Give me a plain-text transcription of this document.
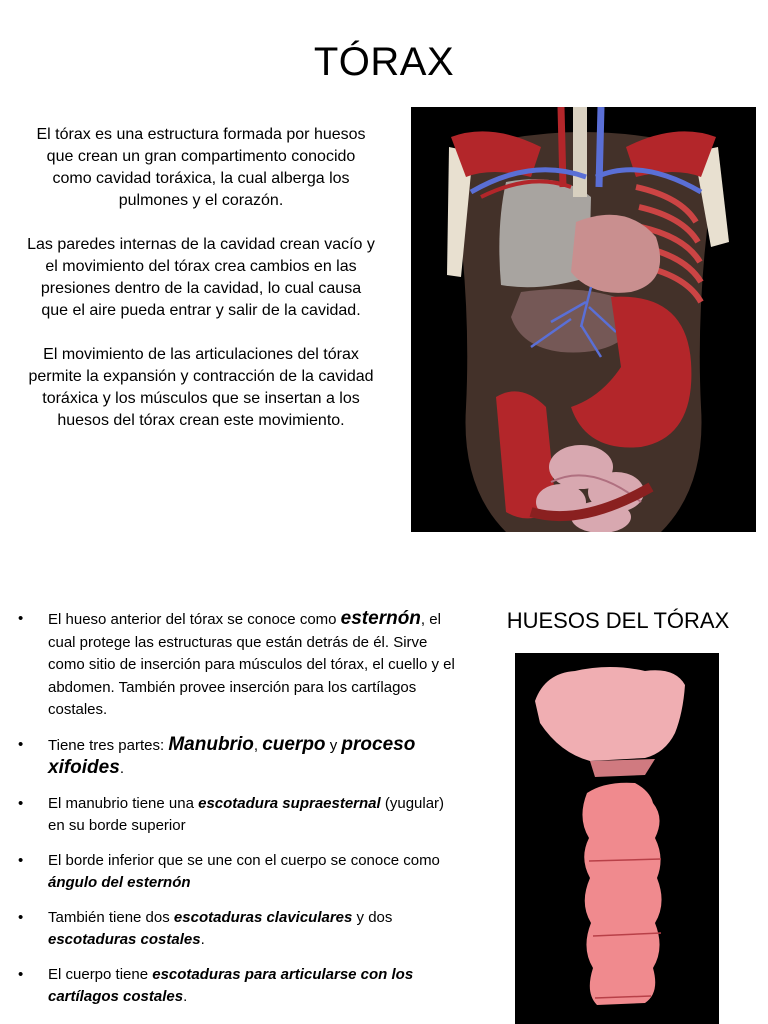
TÓRAX

El tórax es una estructura formada por huesos que crean un gran compartimento conocido como cavidad toráxica, la cual alberga los pulmones y el corazón.

Las paredes internas de la cavidad crean vacío y el movimiento del tórax crea cambios en las presiones dentro de la cavidad, lo cual causa que el aire pueda entrar y salir de la cavidad.

El movimiento de las articulaciones del tórax permite la expansión y contracción de la cavidad toráxica y los músculos que se insertan a los huesos del tórax crean este movimiento.

• El hueso anterior del tórax se conoce como esternón, el cual protege las estructuras que están detrás de él. Sirve como sitio de inserción para músculos del tórax, el cuello y el abdomen. También provee inserción para los cartílagos costales.
• Tiene tres partes: Manubrio, cuerpo y proceso xifoides.
• El manubrio tiene una escotadura supraesternal (yugular) en su borde superior
• El borde inferior que se une con el cuerpo se conoce como ángulo del esternón
• También tiene dos escotaduras claviculares y dos escotaduras costales.
• El cuerpo tiene escotaduras para articularse con los cartílagos costales.
HUESOS DEL TÓRAX
